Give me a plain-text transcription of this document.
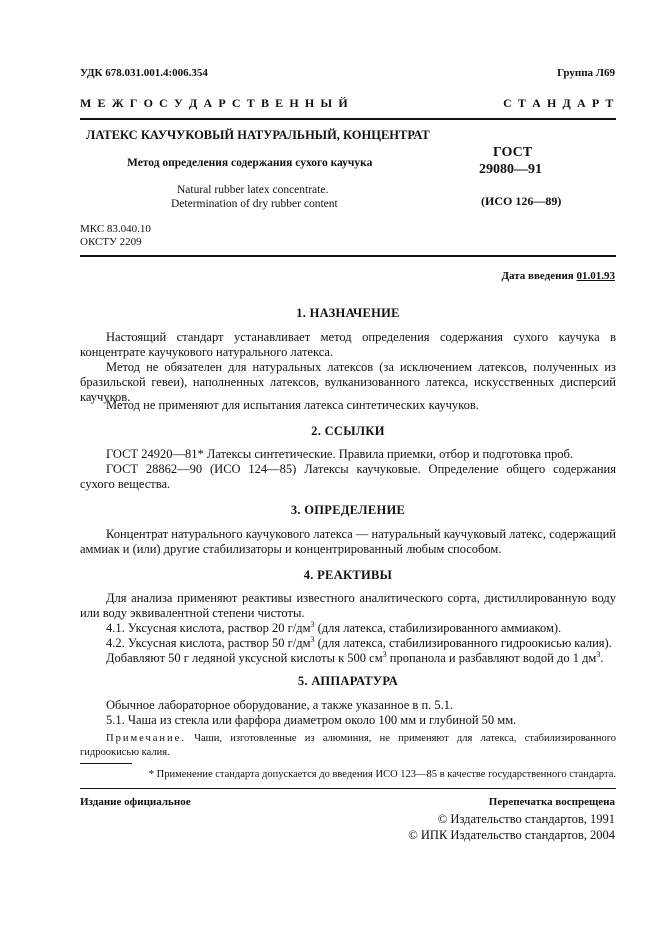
УДК 678.031.001.4:006.354	Группа Л69
М Е Ж Г О С У Д А Р С Т В Е Н Н Ы Й	С Т А Н Д А Р Т
ЛАТЕКС КАУЧУКОВЫЙ НАТУРАЛЬНЫЙ, КОНЦЕНТРАТ
Метод определения содержания сухого каучука
Natural rubber latex concentrate.
Determination of dry rubber content
ГОСТ
29080—91
(ИСО 126—89)
МКС 83.040.10
ОКСТУ 2209
Дата введения 01.01.93
1. НАЗНАЧЕНИЕ
Настоящий стандарт устанавливает метод определения содержания сухого каучука в концентрате каучукового натурального латекса.
Метод не обязателен для натуральных латексов (за исключением латексов, полученных из бразильской гевеи), наполненных латексов, вулканизованного латекса, искусственных дисперсий каучуков.
Метод не применяют для испытания латекса синтетических каучуков.
2. ССЫЛКИ
ГОСТ 24920—81* Латексы синтетические. Правила приемки, отбор и подготовка проб.
ГОСТ 28862—90 (ИСО 124—85) Латексы каучуковые. Определение общего содержания сухого вещества.
3. ОПРЕДЕЛЕНИЕ
Концентрат натурального каучукового латекса — натуральный каучуковый латекс, содержащий аммиак и (или) другие стабилизаторы и концентрированный любым способом.
4. РЕАКТИВЫ
Для анализа применяют реактивы известного аналитического сорта, дистиллированную воду или воду эквивалентной степени чистоты.
4.1. Уксусная кислота, раствор 20 $г/дм^3$ (для латекса, стабилизированного аммиаком).
4.2. Уксусная кислота, раствор 50 $г/дм^3$ (для латекса, стабилизированного гидроокисью калия).
Добавляют 50 г ледяной уксусной кислоты к 500 $см^3$ пропанола и разбавляют водой до 1 $дм^3$.
5. АППАРАТУРА
Обычное лабораторное оборудование, а также указанное в п. 5.1.
5.1. Чаша из стекла или фарфора диаметром около 100 мм и глубиной 50 мм.
Примечание. Чаши, изготовленные из алюминия, не применяют для латекса, стабилизированного гидроокисью калия.
* Применение стандарта допускается до введения ИСО 123—85 в качестве государственного стандарта.
Издание официальное	Перепечатка воспрещена
© Издательство стандартов, 1991
© ИПК Издательство стандартов, 2004
